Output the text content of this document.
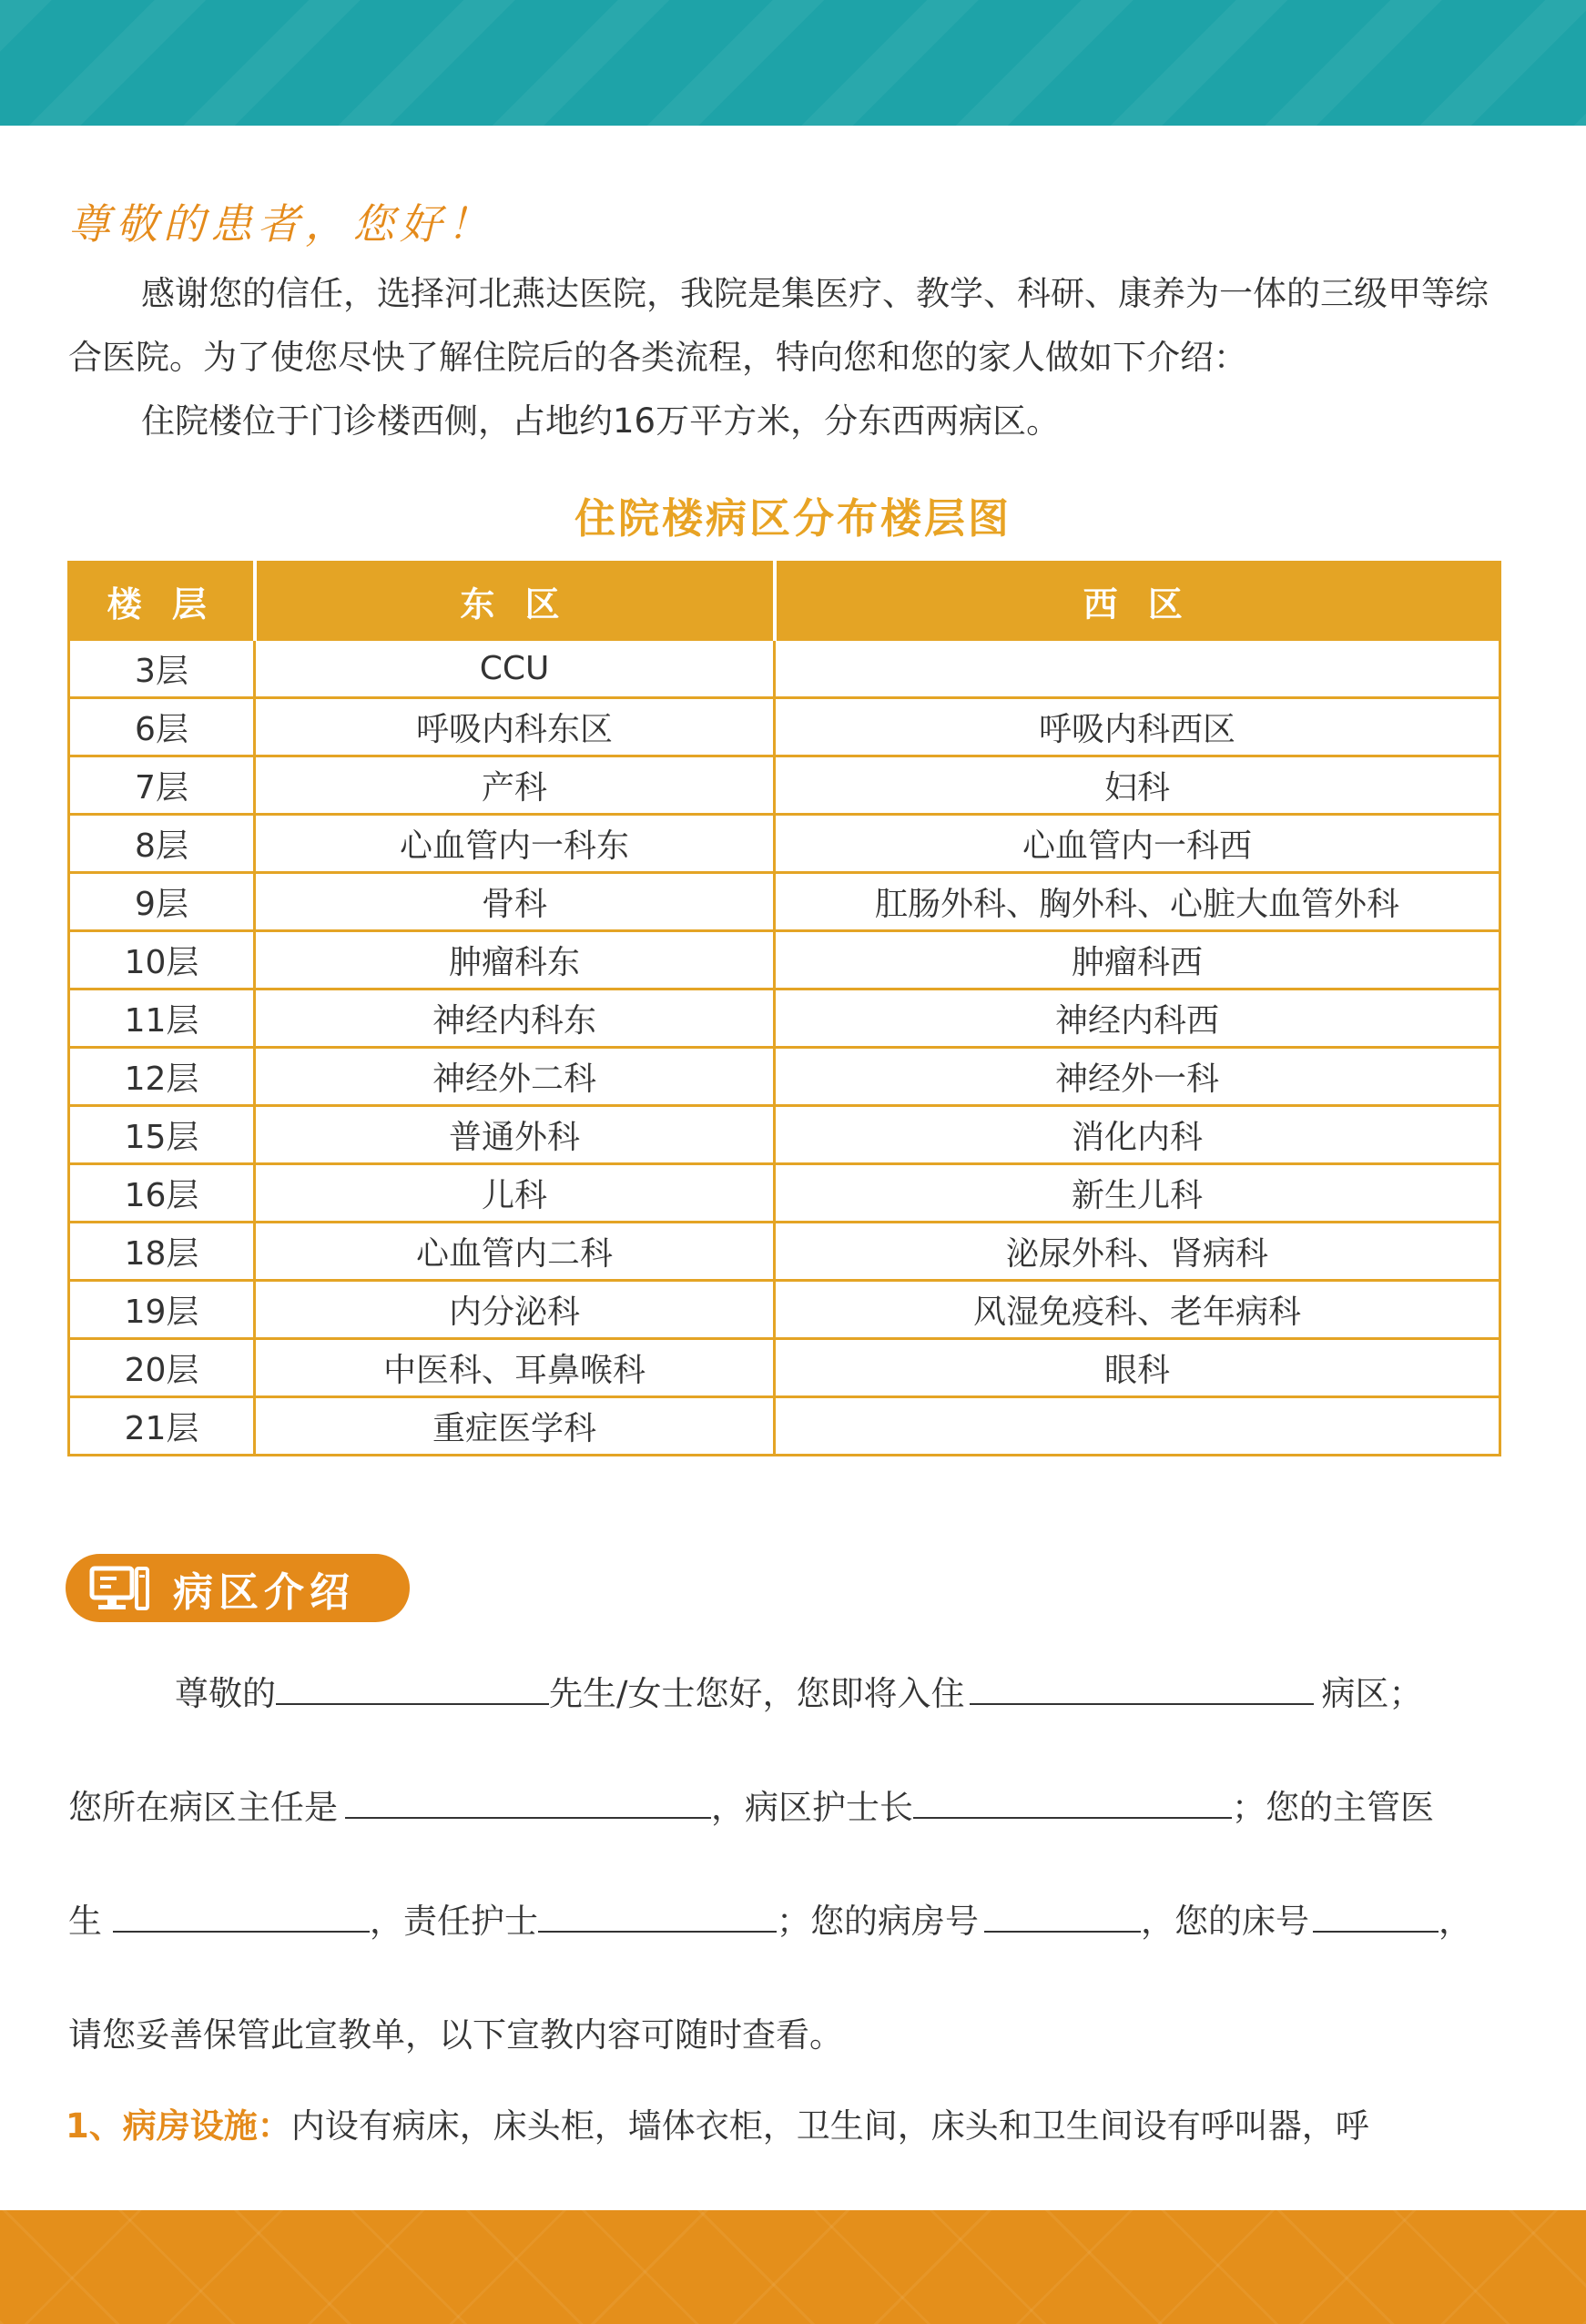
尊敬的患者，您好！
感谢您的信任，选择河北燕达医院，我院是集医疗、教学、科研、康养为一体的三级甲等综合医院。为了使您尽快了解住院后的各类流程，特向您和您的家人做如下介绍：
住院楼位于门诊楼西侧，占地约16万平方米，分东西两病区。
住院楼病区分布楼层图
楼 层	东 区	西 区
3层	CCU	
6层	呼吸内科东区	呼吸内科西区
7层	产科	妇科
8层	心血管内一科东	心血管内一科西
9层	骨科	肛肠外科、胸外科、心脏大血管外科
10层	肿瘤科东	肿瘤科西
11层	神经内科东	神经内科西
12层	神经外二科	神经外一科
15层	普通外科	消化内科
16层	儿科	新生儿科
18层	心血管内二科	泌尿外科、肾病科
19层	内分泌科	风湿免疫科、老年病科
20层	中医科、耳鼻喉科	眼科
21层	重症医学科	
病区介绍
尊敬的	先生/女士您好，您即将入住	病区；
您所在病区主任是	，病区护士长	；您的主管医
生	，责任护士	；您的病房号	，您的床号	，
请您妥善保管此宣教单，以下宣教内容可随时查看。
1、病房设施：内设有病床，床头柜，墙体衣柜，卫生间，床头和卫生间设有呼叫器，呼
